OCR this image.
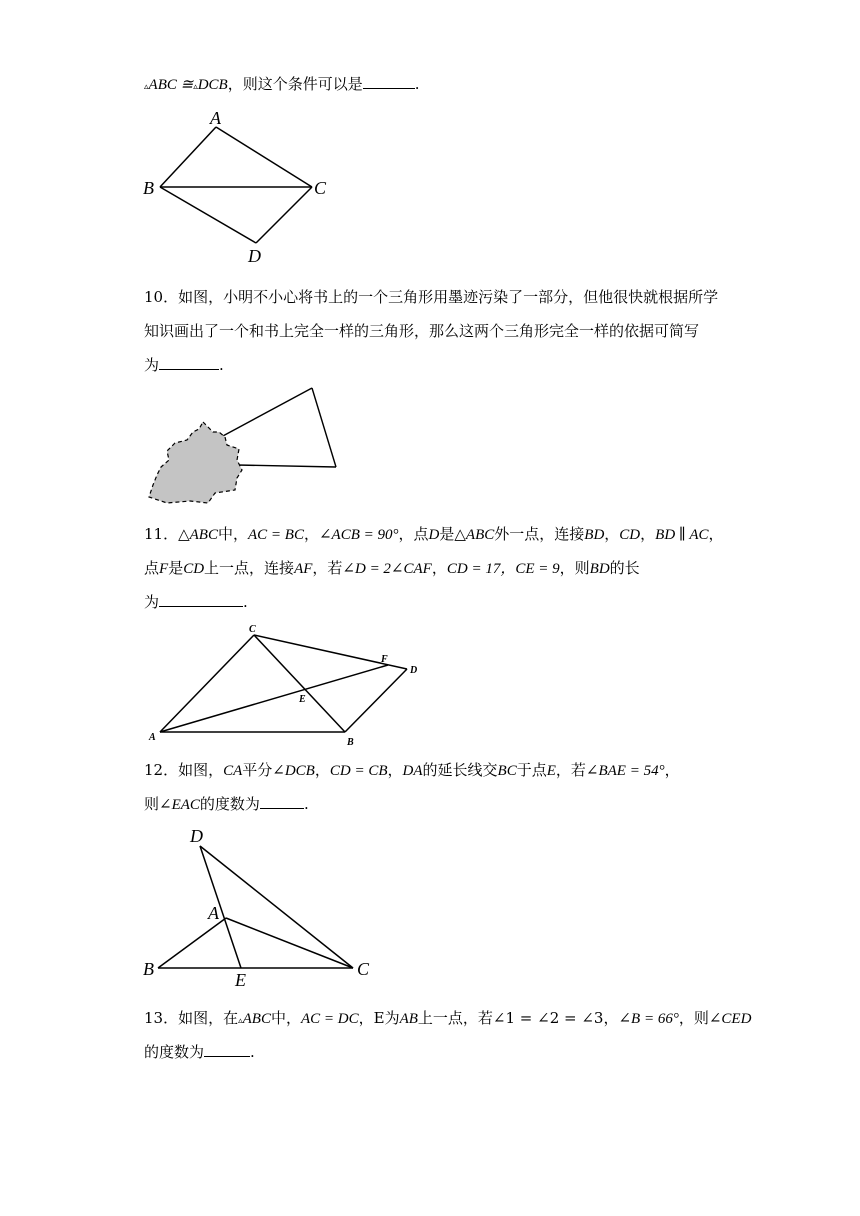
▵ABC ≅▵DCB，则这个条件可以是	.
A
B	C
D
10．如图，小明不小心将书上的一个三角形用墨迹污染了一部分，但他很快就根据所学
知识画出了一个和书上完全一样的三角形，那么这两个三角形完全一样的依据可简写
为	.
11．△ABC中，AC = BC，∠ACB = 90°，点D是△ABC外一点，连接BD，CD，BD ∥ AC，
点F是CD上一点，连接AF，若∠D = 2∠CAF，CD = 17，CE = 9，则BD的长
为	.
C
A	B
D
E
F
12．如图，CA平分∠DCB，CD = CB，DA的延长线交BC于点E，若∠BAE = 54°，
则∠EAC的度数为	.
D
A
B
E
C
13．如图，在▵ABC中，AC = DC，E为AB上一点，若∠1 = ∠2 = ∠3，∠B = 66°，则∠CED
的度数为	.
